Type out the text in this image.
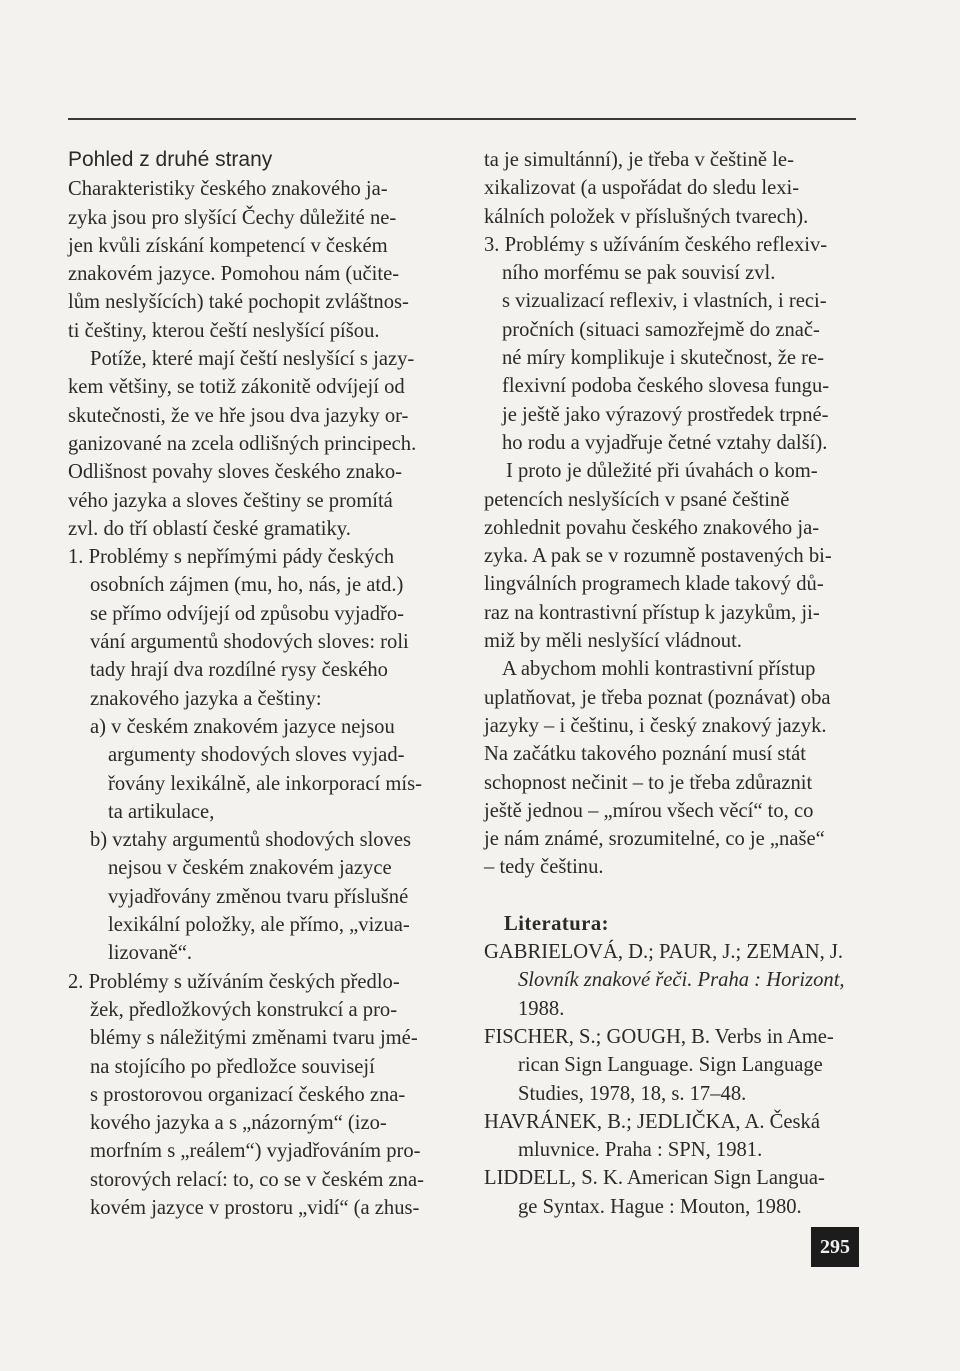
Pohled z druhé strany
Charakteristiky českého znakového ja-
zyka jsou pro slyšící Čechy důležité ne-
jen kvůli získání kompetencí v českém
znakovém jazyce. Pomohou nám (učite-
lům neslyšících) také pochopit zvláštnos-
ti češtiny, kterou čeští neslyšící píšou.
Potíže, které mají čeští neslyšící s jazy-
kem většiny, se totiž zákonitě odvíjejí od
skutečnosti, že ve hře jsou dva jazyky or-
ganizované na zcela odlišných principech.
Odlišnost povahy sloves českého znako-
vého jazyka a sloves češtiny se promítá
zvl. do tří oblastí české gramatiky.
1. Problémy s nepřímými pády českých
osobních zájmen (mu, ho, nás, je atd.)
se přímo odvíjejí od způsobu vyjadřo-
vání argumentů shodových sloves: roli
tady hrají dva rozdílné rysy českého
znakového jazyka a češtiny:
a) v českém znakovém jazyce nejsou
argumenty shodových sloves vyjad-
řovány lexikálně, ale inkorporací mís-
ta artikulace,
b) vztahy argumentů shodových sloves
nejsou v českém znakovém jazyce
vyjadřovány změnou tvaru příslušné
lexikální položky, ale přímo, „vizua-
lizovaně“.
2. Problémy s užíváním českých předlo-
žek, předložkových konstrukcí a pro-
blémy s náležitými změnami tvaru jmé-
na stojícího po předložce souvisejí
s prostorovou organizací českého zna-
kového jazyka a s „názorným“ (izo-
morfním s „reálem“) vyjadřováním pro-
storových relací: to, co se v českém zna-
kovém jazyce v prostoru „vidí“ (a zhus-
ta je simultánní), je třeba v češtině le-
xikalizovat (a uspořádat do sledu lexi-
kálních položek v příslušných tvarech).
3. Problémy s užíváním českého reflexiv-
ního morfému se pak souvisí zvl.
s vizualizací reflexiv, i vlastních, i reci-
pročních (situaci samozřejmě do znač-
né míry komplikuje i skutečnost, že re-
flexivní podoba českého slovesa fungu-
je ještě jako výrazový prostředek trpné-
ho rodu a vyjadřuje četné vztahy další).
I proto je důležité při úvahách o kom-
petencích neslyšících v psané češtině
zohlednit povahu českého znakového ja-
zyka. A pak se v rozumně postavených bi-
lingválních programech klade takový dů-
raz na kontrastivní přístup k jazykům, ji-
miž by měli neslyšící vládnout.
A abychom mohli kontrastivní přístup
uplatňovat, je třeba poznat (poznávat) oba
jazyky – i češtinu, i český znakový jazyk.
Na začátku takového poznání musí stát
schopnost nečinit – to je třeba zdůraznit
ještě jednou – „mírou všech věcí“ to, co
je nám známé, srozumitelné, co je „naše“
– tedy češtinu.
Literatura:
GABRIELOVÁ, D.; PAUR, J.; ZEMAN, J.
Slovník znakové řeči. Praha : Horizont,
1988.
FISCHER, S.; GOUGH, B. Verbs in Ame-
rican Sign Language. Sign Language
Studies, 1978, 18, s. 17–48.
HAVRÁNEK, B.; JEDLIČKA, A. Česká
mluvnice. Praha : SPN, 1981.
LIDDELL, S. K. American Sign Langua-
ge Syntax. Hague : Mouton, 1980.
295
